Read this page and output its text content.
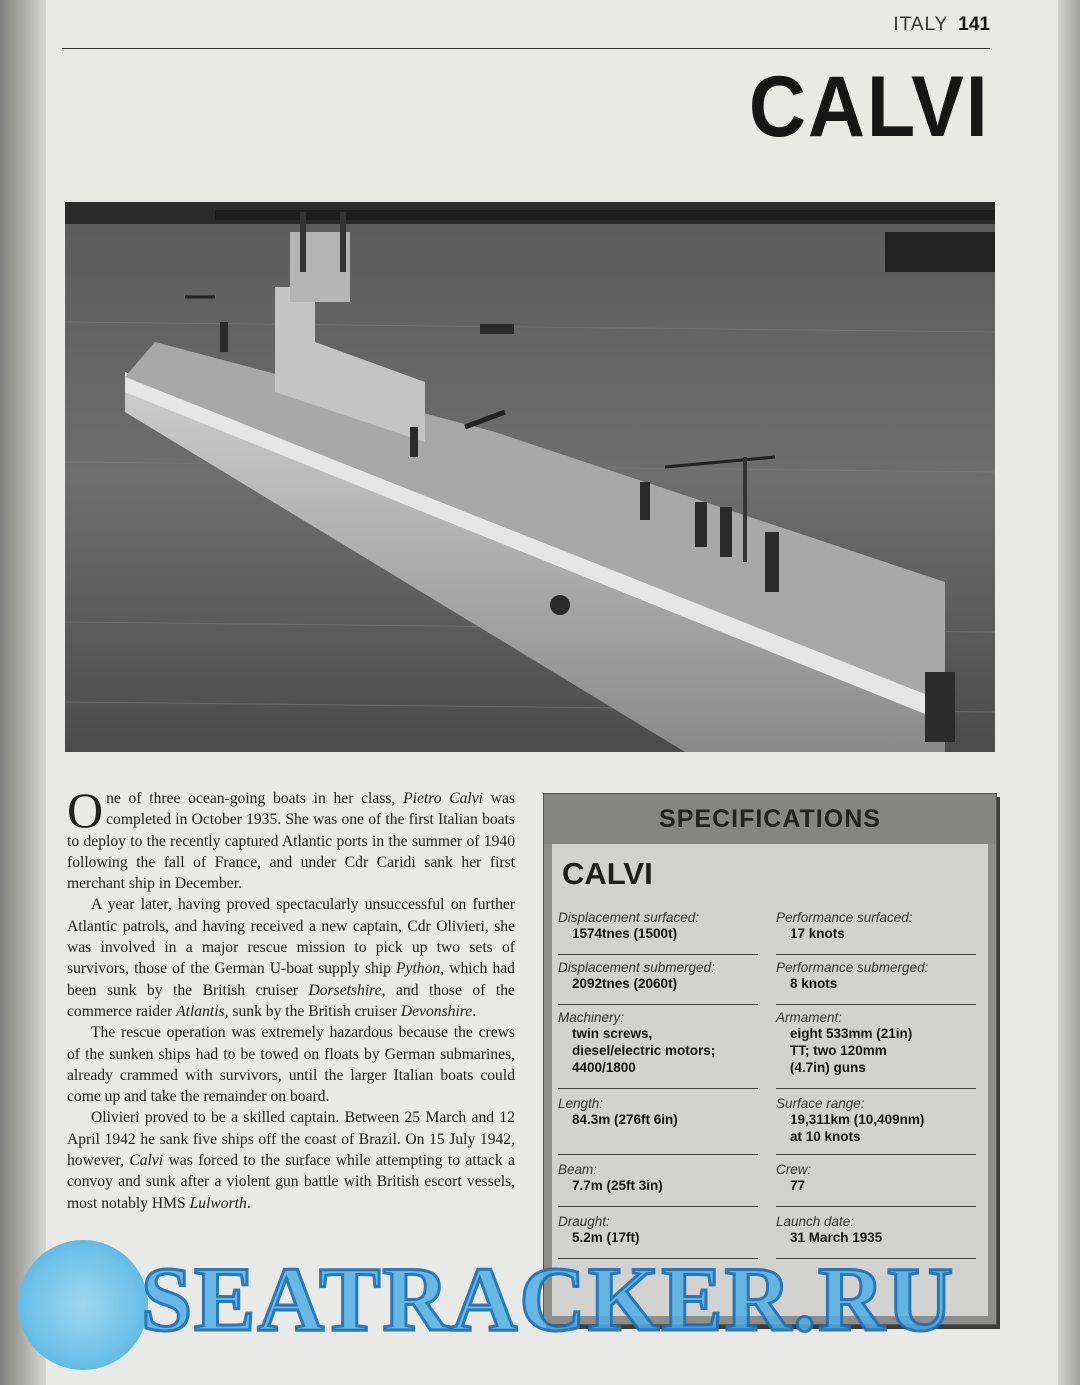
ITALY 141
CALVI

One of three ocean-going boats in her class, Pietro Calvi was completed in October 1935. She was one of the first Italian boats to deploy to the recently captured Atlantic ports in the summer of 1940 following the fall of France, and under Cdr Caridi sank her first merchant ship in December.

A year later, having proved spectacularly unsuccessful on further Atlantic patrols, and having received a new captain, Cdr Olivieri, she was involved in a major rescue mission to pick up two sets of survivors, those of the German U-boat supply ship Python, which had been sunk by the British cruiser Dorsetshire, and those of the commerce raider Atlantis, sunk by the British cruiser Devonshire.

The rescue operation was extremely hazardous because the crews of the sunken ships had to be towed on floats by German submarines, already crammed with survivors, until the larger Italian boats could come up and take the remainder on board.

Olivieri proved to be a skilled captain. Between 25 March and 12 April 1942 he sank five ships off the coast of Brazil. On 15 July 1942, however, Calvi was forced to the surface while attempting to attack a convoy and sunk after a violent gun battle with British escort vessels, most notably HMS Lulworth.

SPECIFICATIONS
CALVI
Displacement surfaced:
1574tnes (1500t)
Displacement submerged:
2092tnes (2060t)
Machinery:
twin screws,
diesel/electric motors;
4400/1800
Length:
84.3m (276ft 6in)
Beam:
7.7m (25ft 3in)
Draught:
5.2m (17ft)
Performance surfaced:
17 knots
Performance submerged:
8 knots
Armament:
eight 533mm (21in)
TT; two 120mm
(4.7in) guns
Surface range:
19,311km (10,409nm)
at 10 knots
Crew:
77
Launch date:
31 March 1935
SEATRACKER.RU
